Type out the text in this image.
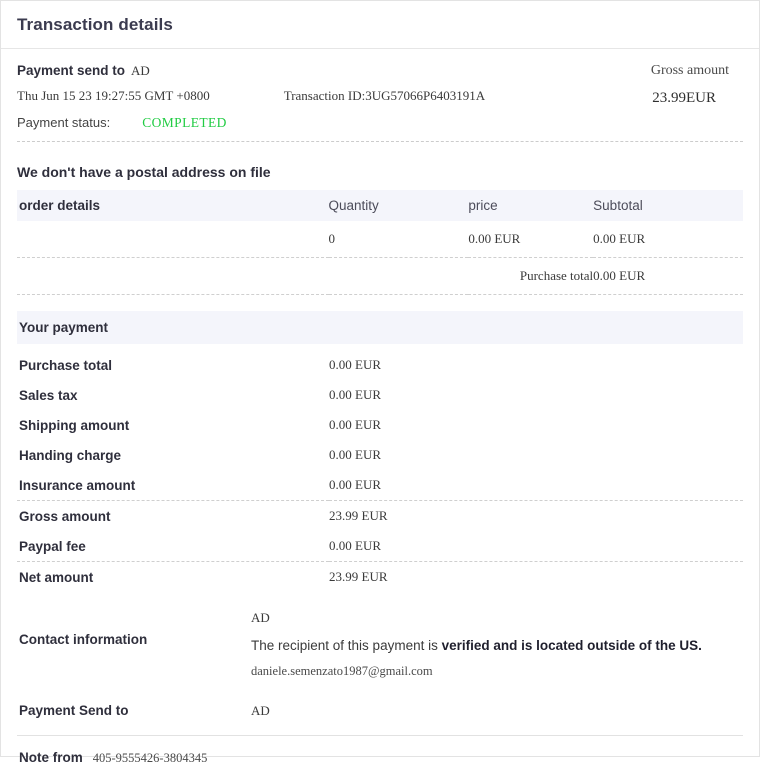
Transaction details
Payment send to AD	Gross amount
23.99EUR
Thu Jun 15 23 19:27:55 GMT +0800	Transaction ID:3UG57066P6403191A
Payment status: COMPLETED
We don't have a postal address on file
order details	Quantity	price	Subtotal
	0	0.00 EUR	0.00 EUR
		Purchase total	0.00 EUR
Your payment
Purchase total	0.00 EUR
Sales tax	0.00 EUR
Shipping amount	0.00 EUR
Handing charge	0.00 EUR
Insurance amount	0.00 EUR
Gross amount	23.99 EUR
Paypal fee	0.00 EUR
Net amount	23.99 EUR
Contact information
AD
The recipient of this payment is verified and is located outside of the US.
daniele.semenzato1987@gmail.com
Payment Send to	AD
Note from 405-9555426-3804345
